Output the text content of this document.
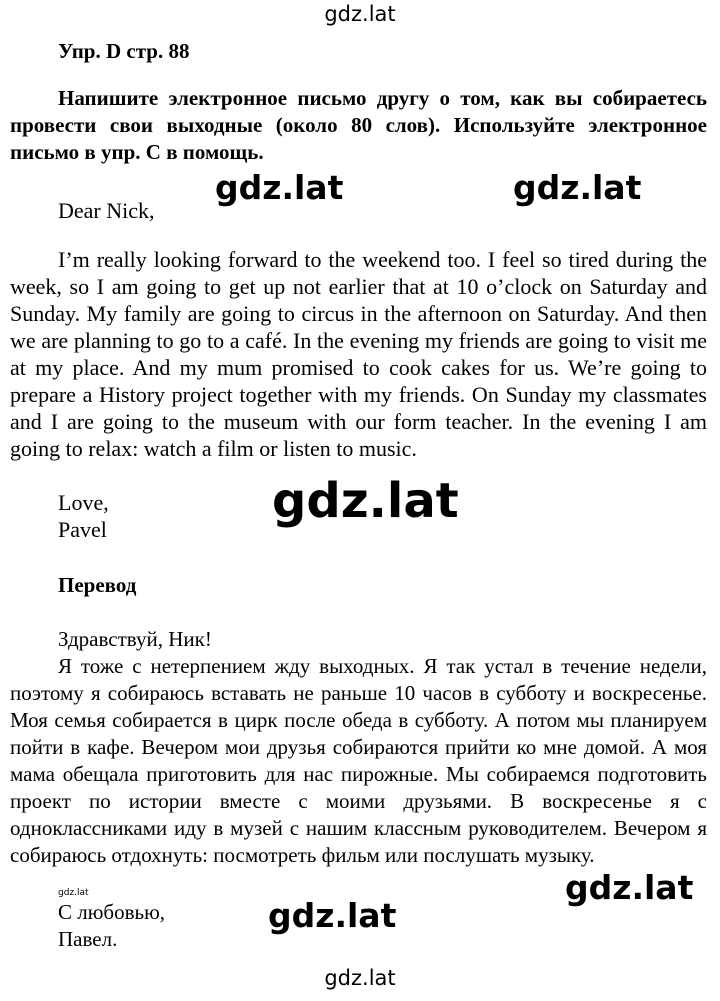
gdz.lat
Упр. D стр. 88
Напишите электронное письмо другу о том, как вы собираетесь провести свои выходные (около 80 слов). Используйте электронное письмо в упр. С в помощь.
Dear Nick,
I’m really looking forward to the weekend too. I feel so tired during the week, so I am going to get up not earlier that at 10 o’clock on Saturday and Sunday. My family are going to circus in the afternoon on Saturday. And then we are planning to go to a café. In the evening my friends are going to visit me at my place. And my mum promised to cook cakes for us. We’re going to prepare a History project together with my friends. On Sunday my classmates and I are going to the museum with our form teacher. In the evening I am going to relax: watch a film or listen to music.
Love,
Pavel
Перевод
Здравствуй, Ник!
Я тоже с нетерпением жду выходных. Я так устал в течение недели, поэтому я собираюсь вставать не раньше 10 часов в субботу и воскресенье. Моя семья собирается в цирк после обеда в субботу. А потом мы планируем пойти в кафе. Вечером мои друзья собираются прийти ко мне домой. А моя мама обещала приготовить для нас пирожные. Мы собираемся подготовить проект по истории вместе с моими друзьями. В воскресенье я с одноклассниками иду в музей с нашим классным руководителем. Вечером я собираюсь отдохнуть: посмотреть фильм или послушать музыку.
С любовью,
Павел.
gdz.lat	gdz.lat
gdz.lat
gdz.lat
gdz.lat
gdz.lat
gdz.lat
